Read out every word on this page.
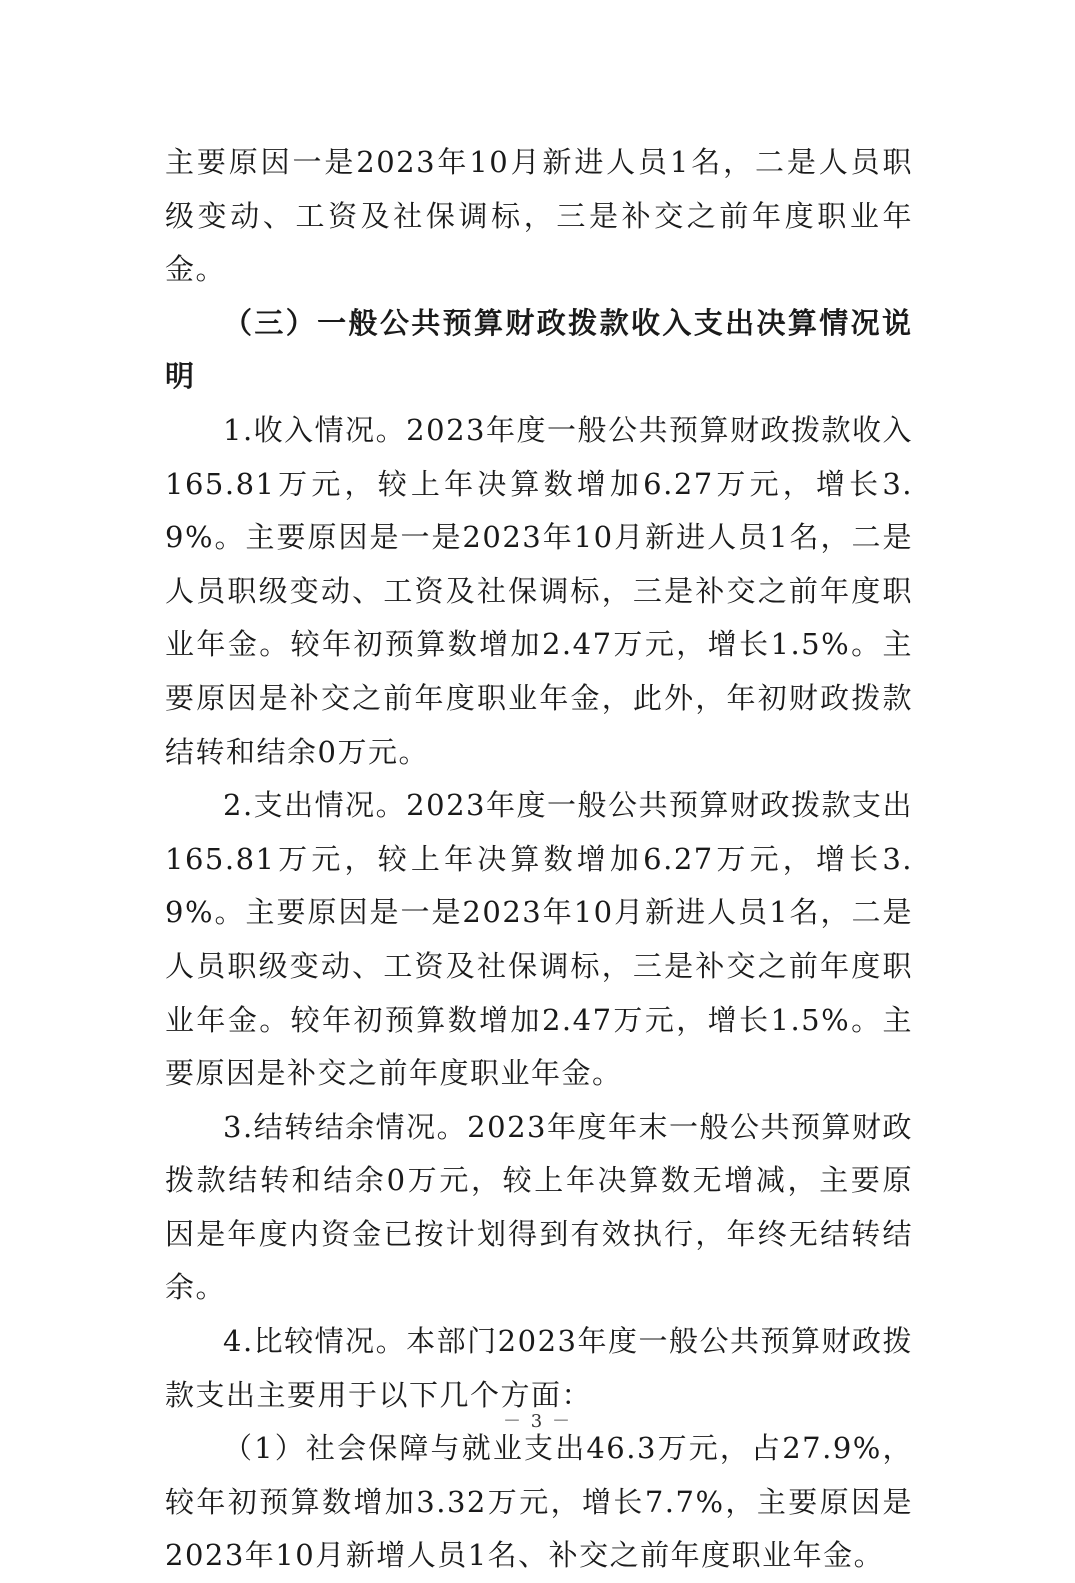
主要原因一是2023年10月新进人员1名，二是人员职级变动、工资及社保调标，三是补交之前年度职业年金。

（三）一般公共预算财政拨款收入支出决算情况说明

1.收入情况。2023年度一般公共预算财政拨款收入165.81万元，较上年决算数增加6.27万元，增长3.9%。主要原因是一是2023年10月新进人员1名，二是人员职级变动、工资及社保调标，三是补交之前年度职业年金。较年初预算数增加2.47万元，增长1.5%。主要原因是补交之前年度职业年金，此外，年初财政拨款结转和结余0万元。

2.支出情况。2023年度一般公共预算财政拨款支出165.81万元，较上年决算数增加6.27万元，增长3.9%。主要原因是一是2023年10月新进人员1名，二是人员职级变动、工资及社保调标，三是补交之前年度职业年金。较年初预算数增加2.47万元，增长1.5%。主要原因是补交之前年度职业年金。

3.结转结余情况。2023年度年末一般公共预算财政拨款结转和结余0万元，较上年决算数无增减，主要原因是年度内资金已按计划得到有效执行，年终无结转结余。

4.比较情况。本部门2023年度一般公共预算财政拨款支出主要用于以下几个方面：

（1）社会保障与就业支出46.3万元，占27.9%，较年初预算数增加3.32万元，增长7.7%，主要原因是2023年10月新增人员1名、补交之前年度职业年金。

－ 3 －
